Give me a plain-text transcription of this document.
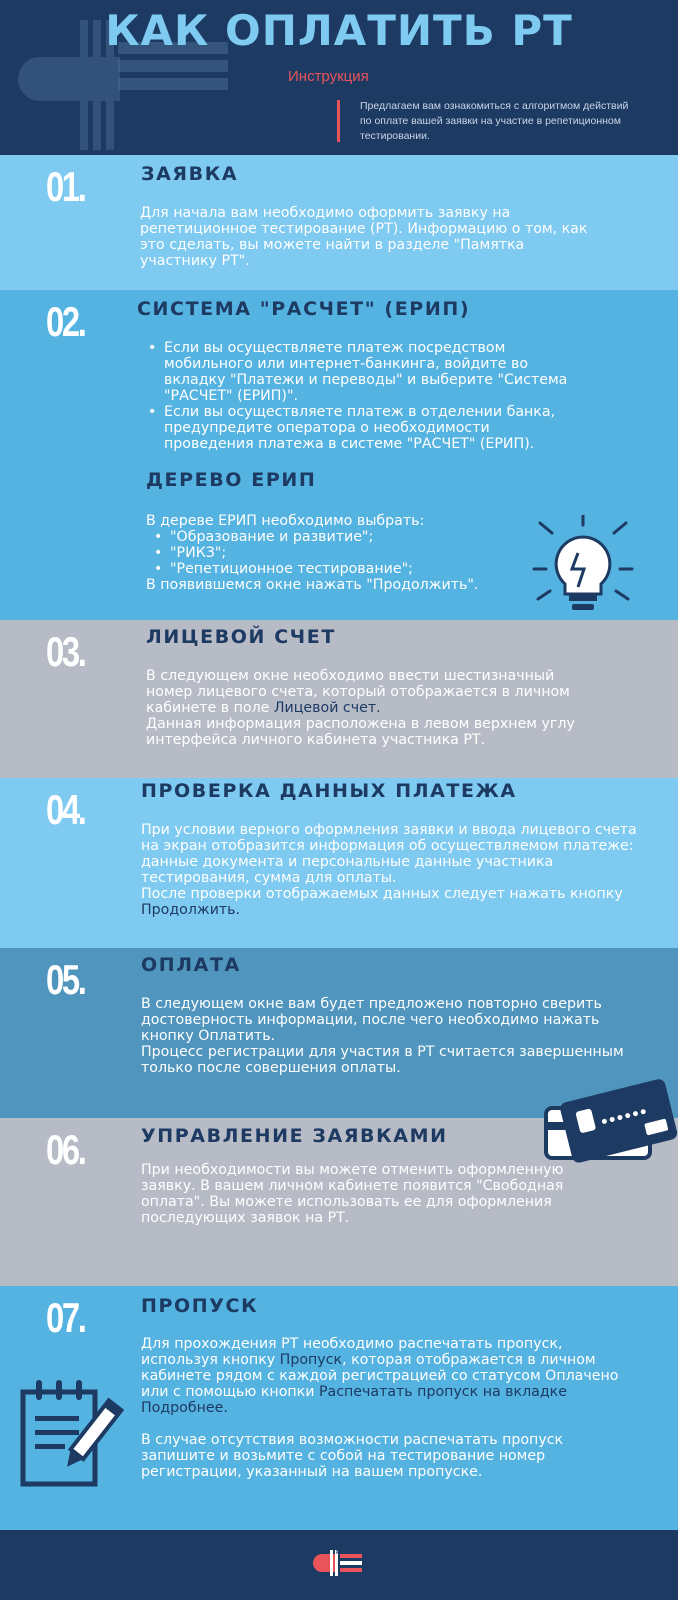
КАК ОПЛАТИТЬ РТ
Инструкция
Предлагаем вам ознакомиться с алгоритмом действий по оплате вашей заявки на участие в репетиционном тестировании.
01.	ЗАЯВКА
Для начала вам необходимо оформить заявку на репетиционное тестирование (РТ). Информацию о том, как это сделать, вы можете найти в разделе "Памятка участнику РТ".
02.	СИСТЕМА "РАСЧЕТ" (ЕРИП)
• Если вы осуществляете платеж посредством мобильного или интернет-банкинга, войдите во вкладку "Платежи и переводы" и выберите "Система "РАСЧЕТ" (ЕРИП)".
• Если вы осуществляете платеж в отделении банка, предупредите оператора о необходимости проведения платежа в системе "РАСЧЕТ" (ЕРИП).
ДЕРЕВО ЕРИП
В дереве ЕРИП необходимо выбрать:
• "Образование и развитие";
• "РИКЗ";
• "Репетиционное тестирование";
В появившемся окне нажать "Продолжить".
03.	ЛИЦЕВОЙ СЧЕТ
В следующем окне необходимо ввести шестизначный номер лицевого счета, который отображается в личном кабинете в поле Лицевой счет.
Данная информация расположена в левом верхнем углу интерфейса личного кабинета участника РТ.
04.	ПРОВЕРКА ДАННЫХ ПЛАТЕЖА
При условии верного оформления заявки и ввода лицевого счета на экран отобразится информация об осуществляемом платеже: данные документа и персональные данные участника тестирования, сумма для оплаты.
После проверки отображаемых данных следует нажать кнопку Продолжить.
05.	ОПЛАТА
В следующем окне вам будет предложено повторно сверить достоверность информации, после чего необходимо нажать кнопку Оплатить.
Процесс регистрации для участия в РТ считается завершенным только после совершения оплаты.
06.	УПРАВЛЕНИЕ ЗАЯВКАМИ
При необходимости вы можете отменить оформленную заявку. В вашем личном кабинете появится "Свободная оплата". Вы можете использовать ее для оформления последующих заявок на РТ.
07.	ПРОПУСК
Для прохождения РТ необходимо распечатать пропуск, используя кнопку Пропуск, которая отображается в личном кабинете рядом с каждой регистрацией со статусом Оплачено или с помощью кнопки Распечатать пропуск на вкладке Подробнее.
В случае отсутствия возможности распечатать пропуск запишите и возьмите с собой на тестирование номер регистрации, указанный на вашем пропуске.
РИКЗ
